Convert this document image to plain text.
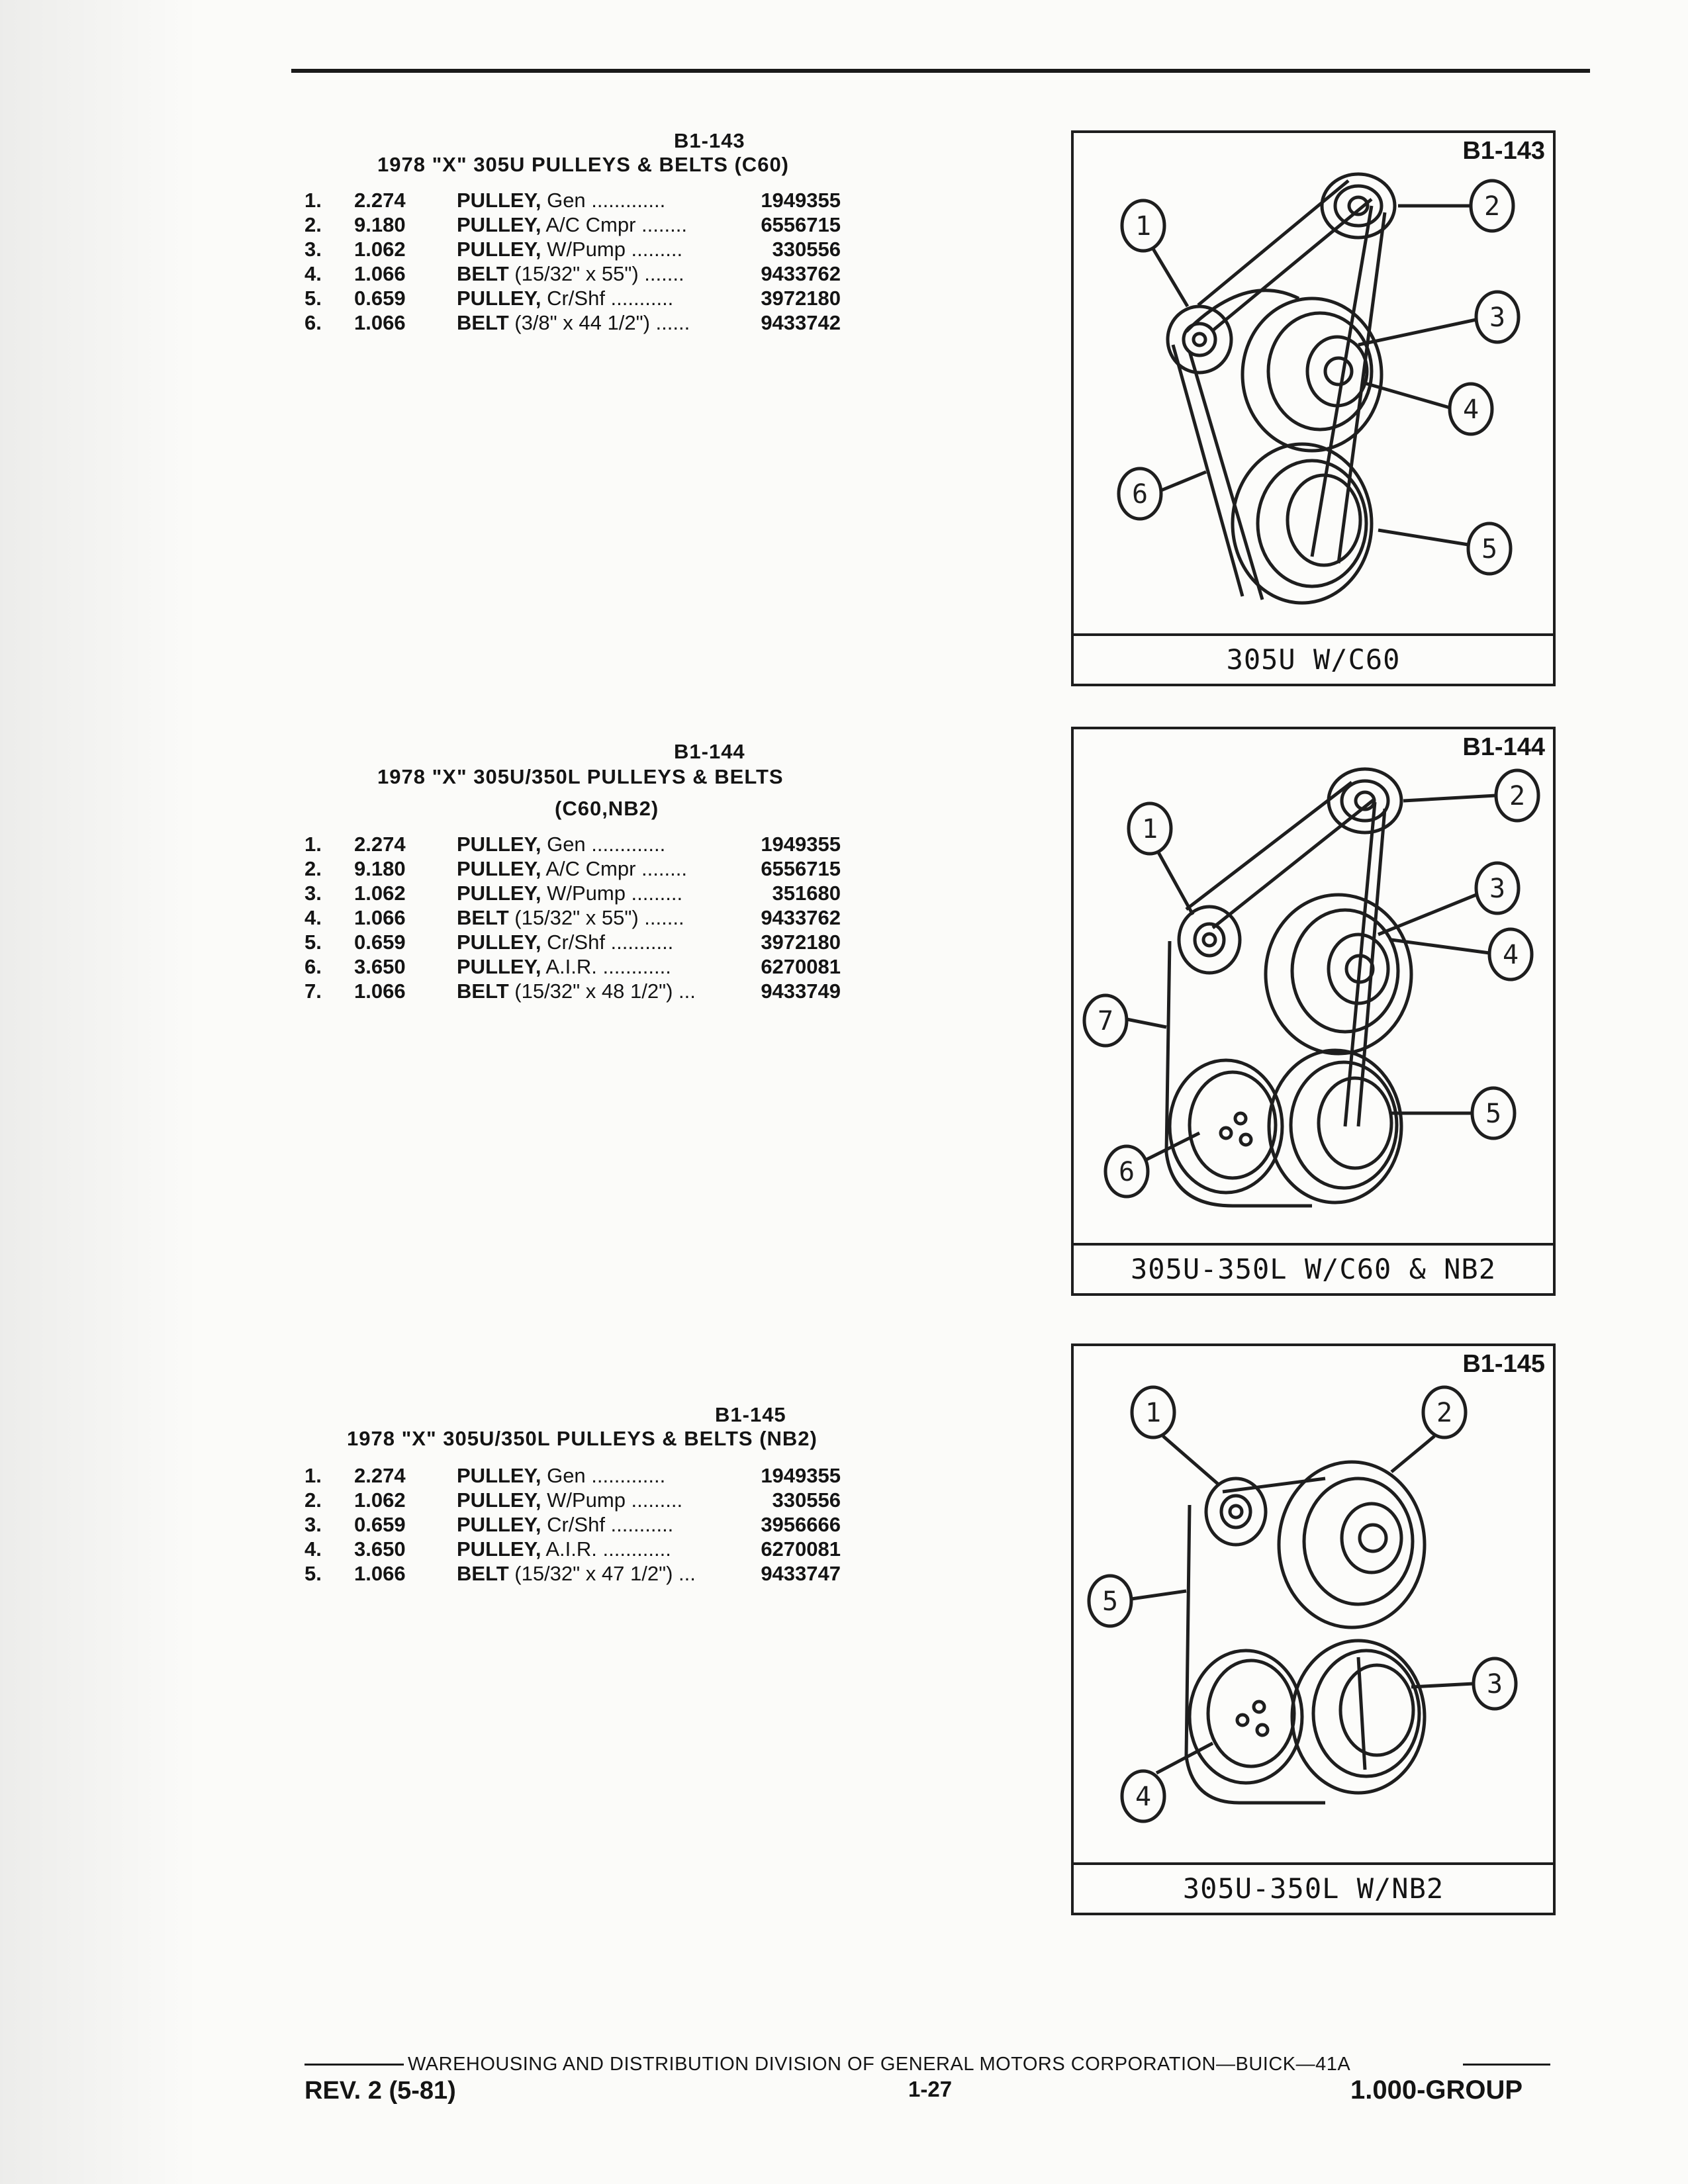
B1-143
1978 "X" 305U PULLEYS & BELTS (C60)
1. 2.274 PULLEY, Gen .............	1949355
2. 9.180 PULLEY, A/C Cmpr ........	6556715
3. 1.062 PULLEY, W/Pump .........	330556
4. 1.066 BELT (15/32" x 55") .......	9433762
5. 0.659 PULLEY, Cr/Shf ...........	3972180
6. 1.066 BELT (3/8" x 44 1/2") ......	9433742
B1-144
1978 "X" 305U/350L PULLEYS & BELTS
(C60,NB2)
1. 2.274 PULLEY, Gen .............	1949355
2. 9.180 PULLEY, A/C Cmpr ........	6556715
3. 1.062 PULLEY, W/Pump .........	351680
4. 1.066 BELT (15/32" x 55") .......	9433762
5. 0.659 PULLEY, Cr/Shf ...........	3972180
6. 3.650 PULLEY, A.I.R. ............	6270081
7. 1.066 BELT (15/32" x 48 1/2") ...	9433749
B1-145
1978 "X" 305U/350L PULLEYS & BELTS (NB2)
1. 2.274 PULLEY, Gen .............	1949355
2. 1.062 PULLEY, W/Pump .........	330556
3. 0.659 PULLEY, Cr/Shf ...........	3956666
4. 3.650 PULLEY, A.I.R. ............	6270081
5. 1.066 BELT (15/32" x 47 1/2") ...	9433747
1
2
3
4
6
5
B1-143
305U W/C60
1
2
3
4
7
5
6
B1-144
305U-350L W/C60 & NB2
1	2
5
3
4
B1-145
305U-350L W/NB2
WAREHOUSING AND DISTRIBUTION DIVISION OF GENERAL MOTORS CORPORATION—BUICK—41A
REV. 2 (5-81)	1-27	1.000-GROUP
